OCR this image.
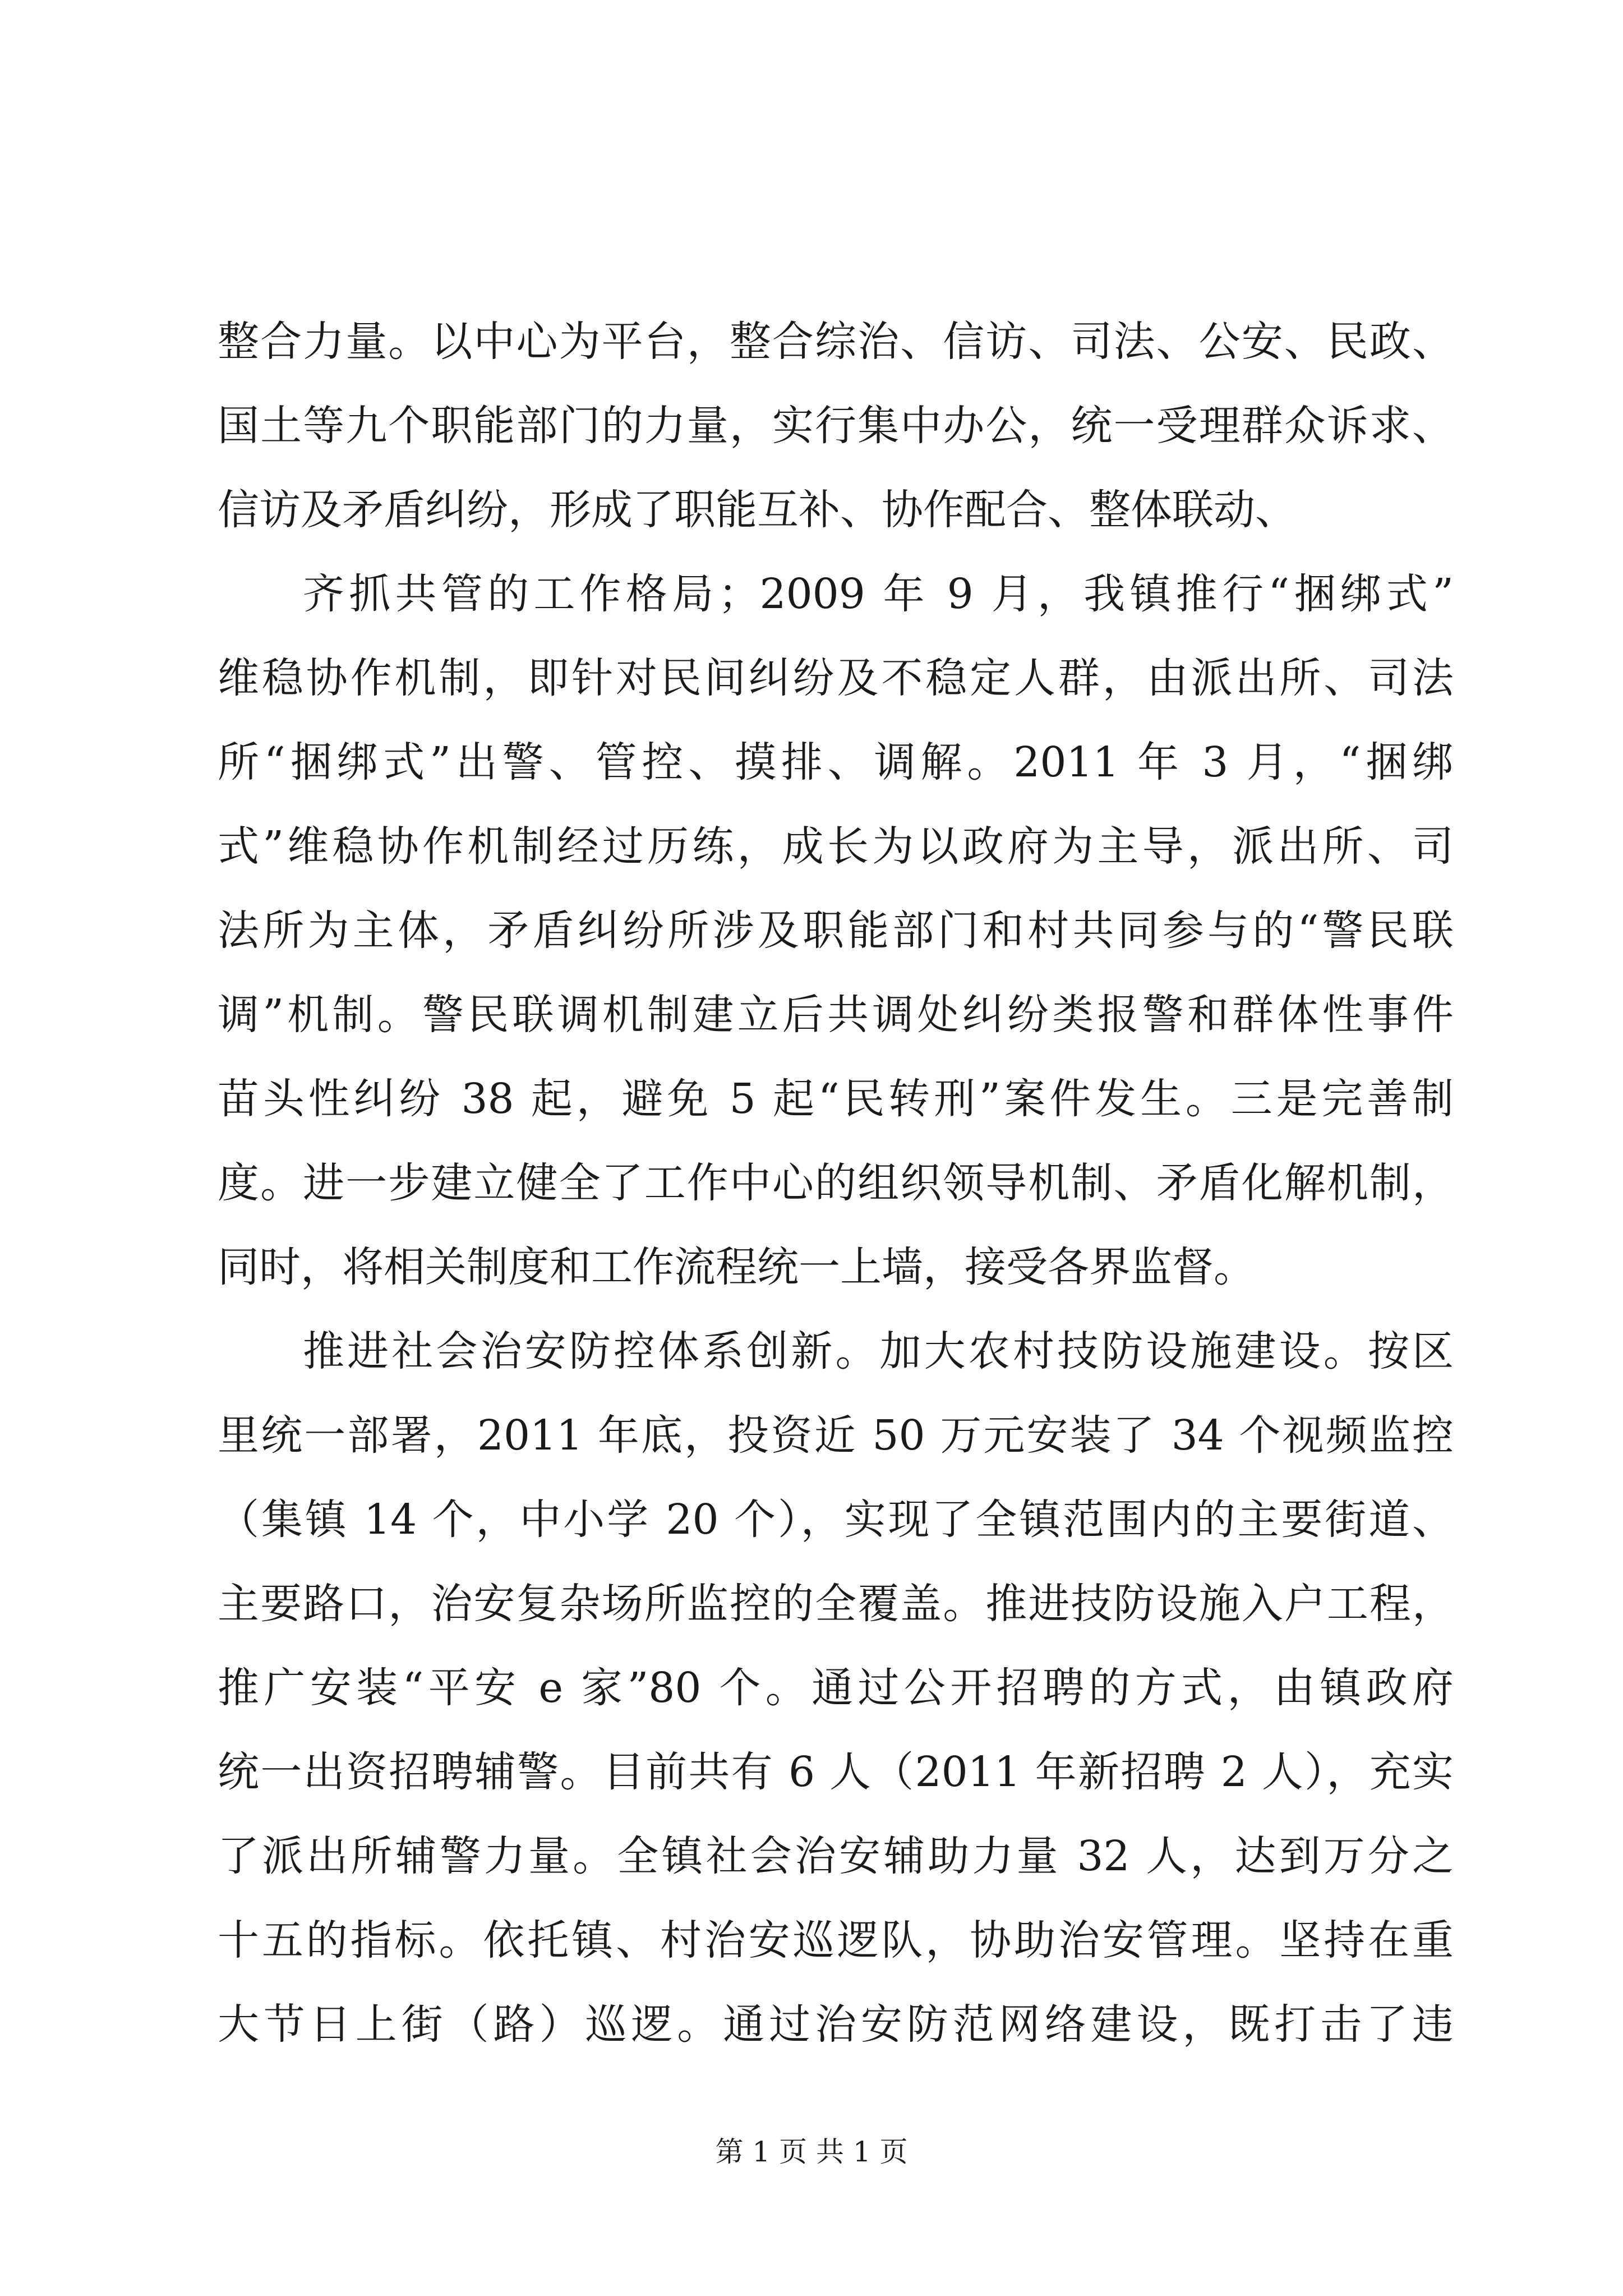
整合力量。以中心为平台，整合综治、信访、司法、公安、民政、
国土等九个职能部门的力量，实行集中办公，统一受理群众诉求、
信访及矛盾纠纷，形成了职能互补、协作配合、整体联动、
齐抓共管的工作格局；2009 年 9 月，我镇推行“捆绑式”
维稳协作机制，即针对民间纠纷及不稳定人群，由派出所、司法
所“捆绑式”出警、管控、摸排、调解。2011 年 3 月，“捆绑
式”维稳协作机制经过历练，成长为以政府为主导，派出所、司
法所为主体，矛盾纠纷所涉及职能部门和村共同参与的“警民联
调”机制。警民联调机制建立后共调处纠纷类报警和群体性事件
苗头性纠纷 38 起，避免 5 起“民转刑”案件发生。三是完善制
度。进一步建立健全了工作中心的组织领导机制、矛盾化解机制，
同时，将相关制度和工作流程统一上墙，接受各界监督。
推进社会治安防控体系创新。加大农村技防设施建设。按区
里统一部署，2011 年底，投资近 50 万元安装了 34 个视频监控
（集镇 14 个，中小学 20 个），实现了全镇范围内的主要街道、
主要路口，治安复杂场所监控的全覆盖。推进技防设施入户工程，
推广安装“平安 e 家”80 个。通过公开招聘的方式，由镇政府
统一出资招聘辅警。目前共有 6 人（2011 年新招聘 2 人），充实
了派出所辅警力量。全镇社会治安辅助力量 32 人，达到万分之
十五的指标。依托镇、村治安巡逻队，协助治安管理。坚持在重
大节日上街（路）巡逻。通过治安防范网络建设，既打击了违
第 1 页 共 1 页
